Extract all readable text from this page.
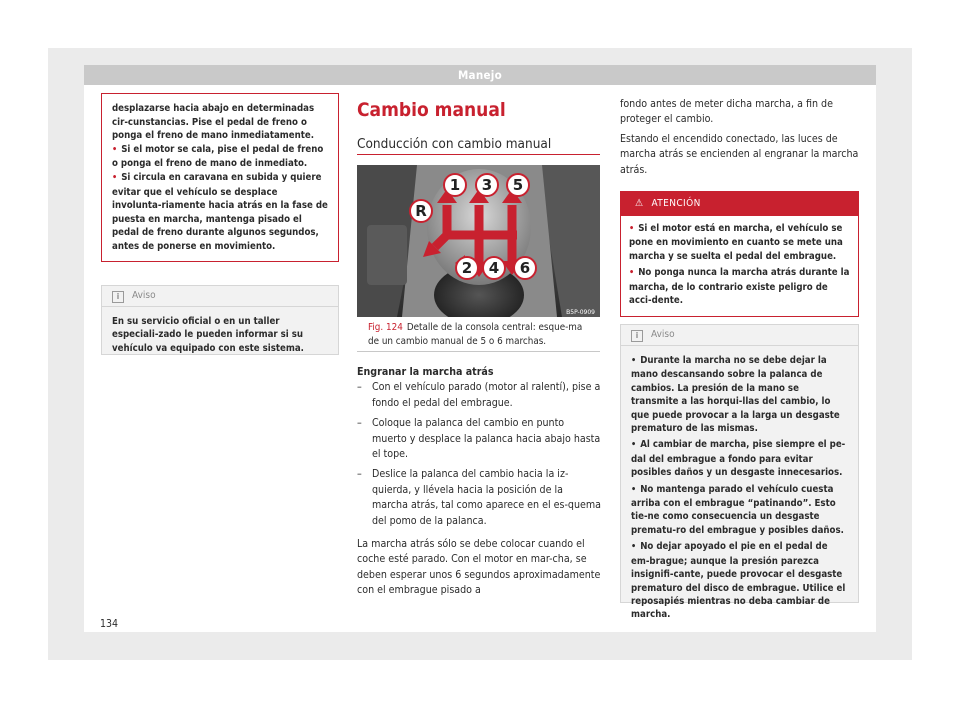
Manejo

desplazarse hacia abajo en determinadas cir-cunstancias. Pise el pedal de freno o ponga el freno de mano inmediatamente.

• Si el motor se cala, pise el pedal de freno o ponga el freno de mano de inmediato.

• Si circula en caravana en subida y quiere evitar que el vehículo se desplace involunta-riamente hacia atrás en la fase de puesta en marcha, mantenga pisado el pedal de freno durante algunos segundos, antes de ponerse en movimiento.

i Aviso

En su servicio oficial o en un taller especiali-zado le pueden informar si su vehículo va equipado con este sistema.

Cambio manual
Conducción con cambio manual
1 3 5
R
2 4 6
B5P-0909
Fig. 124 Detalle de la consola central: esque-ma de un cambio manual de 5 o 6 marchas.
Engranar la marcha atrás
– Con el vehículo parado (motor al ralentí), pise a fondo el pedal del embrague.
– Coloque la palanca del cambio en punto muerto y desplace la palanca hacia abajo hasta el tope.
– Deslice la palanca del cambio hacia la iz-quierda, y llévela hacia la posición de la marcha atrás, tal como aparece en el es-quema del pomo de la palanca.
La marcha atrás sólo se debe colocar cuando el coche esté parado. Con el motor en mar-cha, se deben esperar unos 6 segundos aproximadamente con el embrague pisado a

fondo antes de meter dicha marcha, a fin de proteger el cambio.

Estando el encendido conectado, las luces de marcha atrás se encienden al engranar la marcha atrás.

⚠ ATENCIÓN

• Si el motor está en marcha, el vehículo se pone en movimiento en cuanto se mete una marcha y se suelta el pedal del embrague.

• No ponga nunca la marcha atrás durante la marcha, de lo contrario existe peligro de acci-dente.

i Aviso

• Durante la marcha no se debe dejar la mano descansando sobre la palanca de cambios. La presión de la mano se transmite a las horqui-llas del cambio, lo que puede provocar a la larga un desgaste prematuro de las mismas.

• Al cambiar de marcha, pise siempre el pe-dal del embrague a fondo para evitar posibles daños y un desgaste innecesarios.

• No mantenga parado el vehículo cuesta arriba con el embrague “patinando”. Esto tie-ne como consecuencia un desgaste prematu-ro del embrague y posibles daños.

• No dejar apoyado el pie en el pedal de em-brague; aunque la presión parezca insignifi-cante, puede provocar el desgaste prematuro del disco de embrague. Utilice el reposapiés mientras no deba cambiar de marcha.

134
